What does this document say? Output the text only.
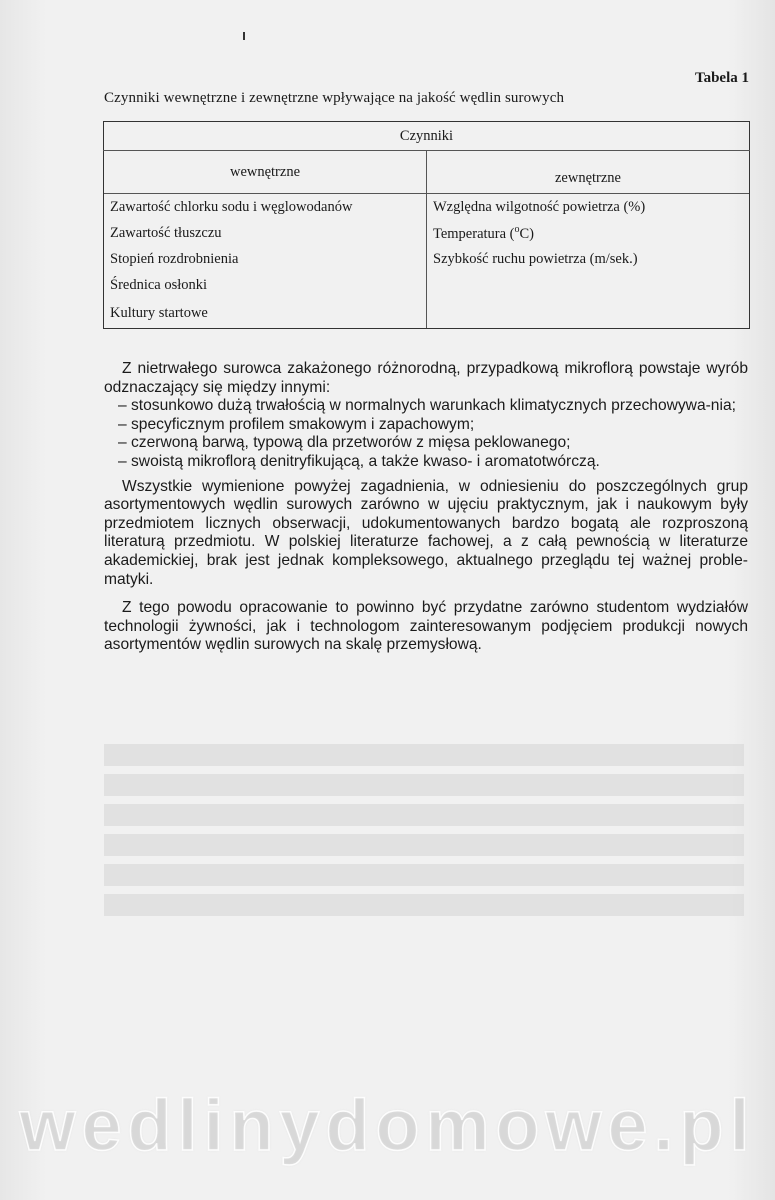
Tabela 1
Czynniki wewnętrzne i zewnętrzne wpływające na jakość wędlin surowych
Czynniki	
wewnętrzne	zewnętrzne

Zawartość chlorku sodu i węglowodanów	Względna wilgotność powietrza (%)
Zawartość tłuszczu	Temperatura ($^o$C)
Stopień rozdrobnienia	Szybkość ruchu powietrza (m/sek.)
Średnica osłonki	
Kultury startowe	

Z nietrwałego surowca zakażonego różnorodną, przypadkową mikroflorą powstaje wyrób odznaczający się między innymi:

– stosunkowo dużą trwałością w normalnych warunkach klimatycznych przechowywa-nia;
– specyficznym profilem smakowym i zapachowym;
– czerwoną barwą, typową dla przetworów z mięsa peklowanego;
– swoistą mikroflorą denitryfikującą, a także kwaso- i aromatotwórczą.

Wszystkie wymienione powyżej zagadnienia, w odniesieniu do poszczególnych grup asortymentowych wędlin surowych zarówno w ujęciu praktycznym, jak i naukowym były przedmiotem licznych obserwacji, udokumentowanych bardzo bogatą ale rozproszoną literaturą przedmiotu. W polskiej literaturze fachowej, a z całą pewnością w literaturze akademickiej, brak jest jednak kompleksowego, aktualnego przeglądu tej ważnej proble-matyki.

Z tego powodu opracowanie to powinno być przydatne zarówno studentom wydziałów technologii żywności, jak i technologom zainteresowanym podjęciem produkcji nowych asortymentów wędlin surowych na skalę przemysłową.

wedlinydomowe.pl
